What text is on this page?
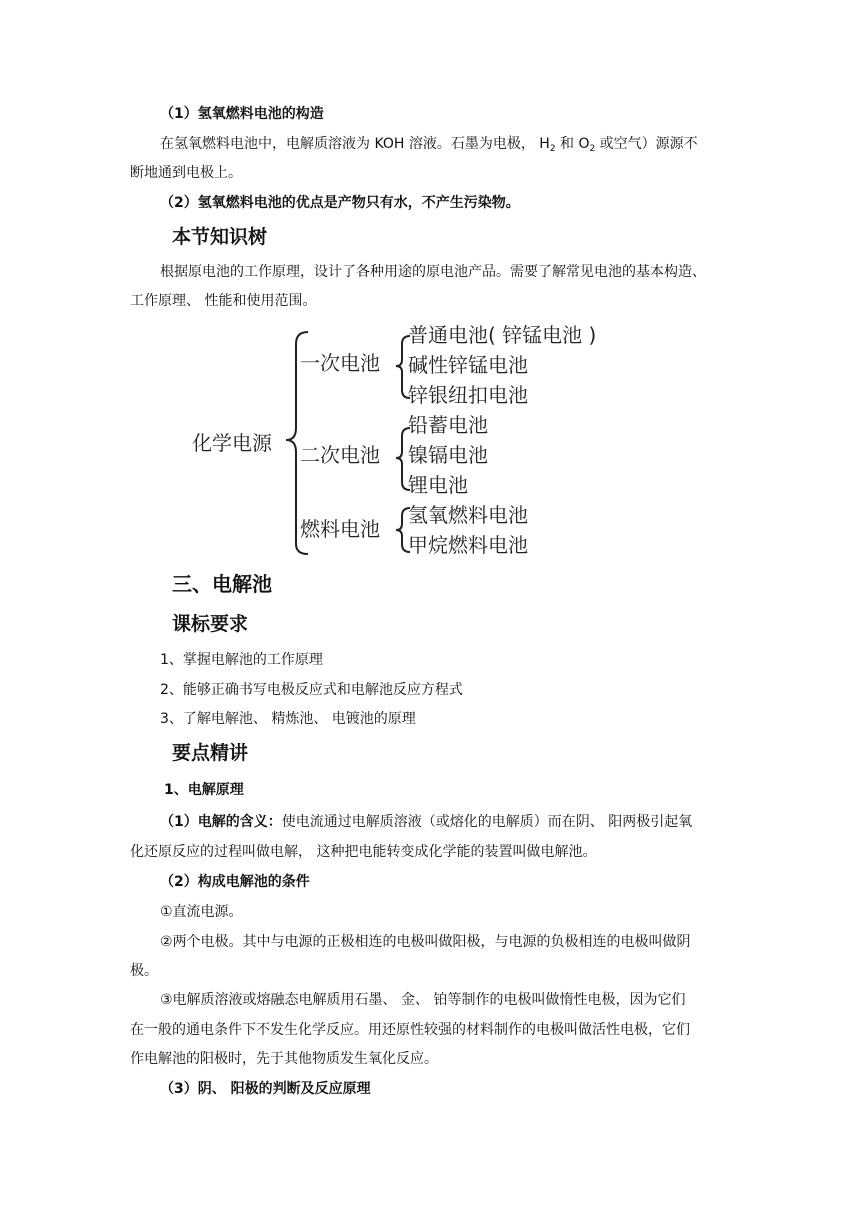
（1）氢氧燃料电池的构造
在氢氧燃料电池中，电解质溶液为 KOH 溶液。石墨为电极， $H_2$ 和 $O_2$ 或空气）源源不
断地通到电极上。
（2）氢氧燃料电池的优点是产物只有水，不产生污染物。
本节知识树
根据原电池的工作原理，设计了各种用途的原电池产品。需要了解常见电池的基本构造、
工作原理、 性能和使用范围。
化学电源
一次电池
普通电池( 锌锰电池 )
碱性锌锰电池
锌银纽扣电池
二次电池
铅蓄电池
镍镉电池
锂电池
燃料电池
氢氧燃料电池
甲烷燃料电池
三、电解池
课标要求
1、掌握电解池的工作原理
2、能够正确书写电极反应式和电解池反应方程式
3、了解电解池、 精炼池、 电镀池的原理
要点精讲
1、电解原理
（1）电解的含义：使电流通过电解质溶液（或熔化的电解质）而在阴、 阳两极引起氧
化还原反应的过程叫做电解， 这种把电能转变成化学能的装置叫做电解池。
（2）构成电解池的条件
①直流电源。
②两个电极。其中与电源的正极相连的电极叫做阳极，与电源的负极相连的电极叫做阴
极。
③电解质溶液或熔融态电解质用石墨、 金、 铂等制作的电极叫做惰性电极，因为它们
在一般的通电条件下不发生化学反应。用还原性较强的材料制作的电极叫做活性电极，它们
作电解池的阳极时，先于其他物质发生氧化反应。
（3）阴、 阳极的判断及反应原理
